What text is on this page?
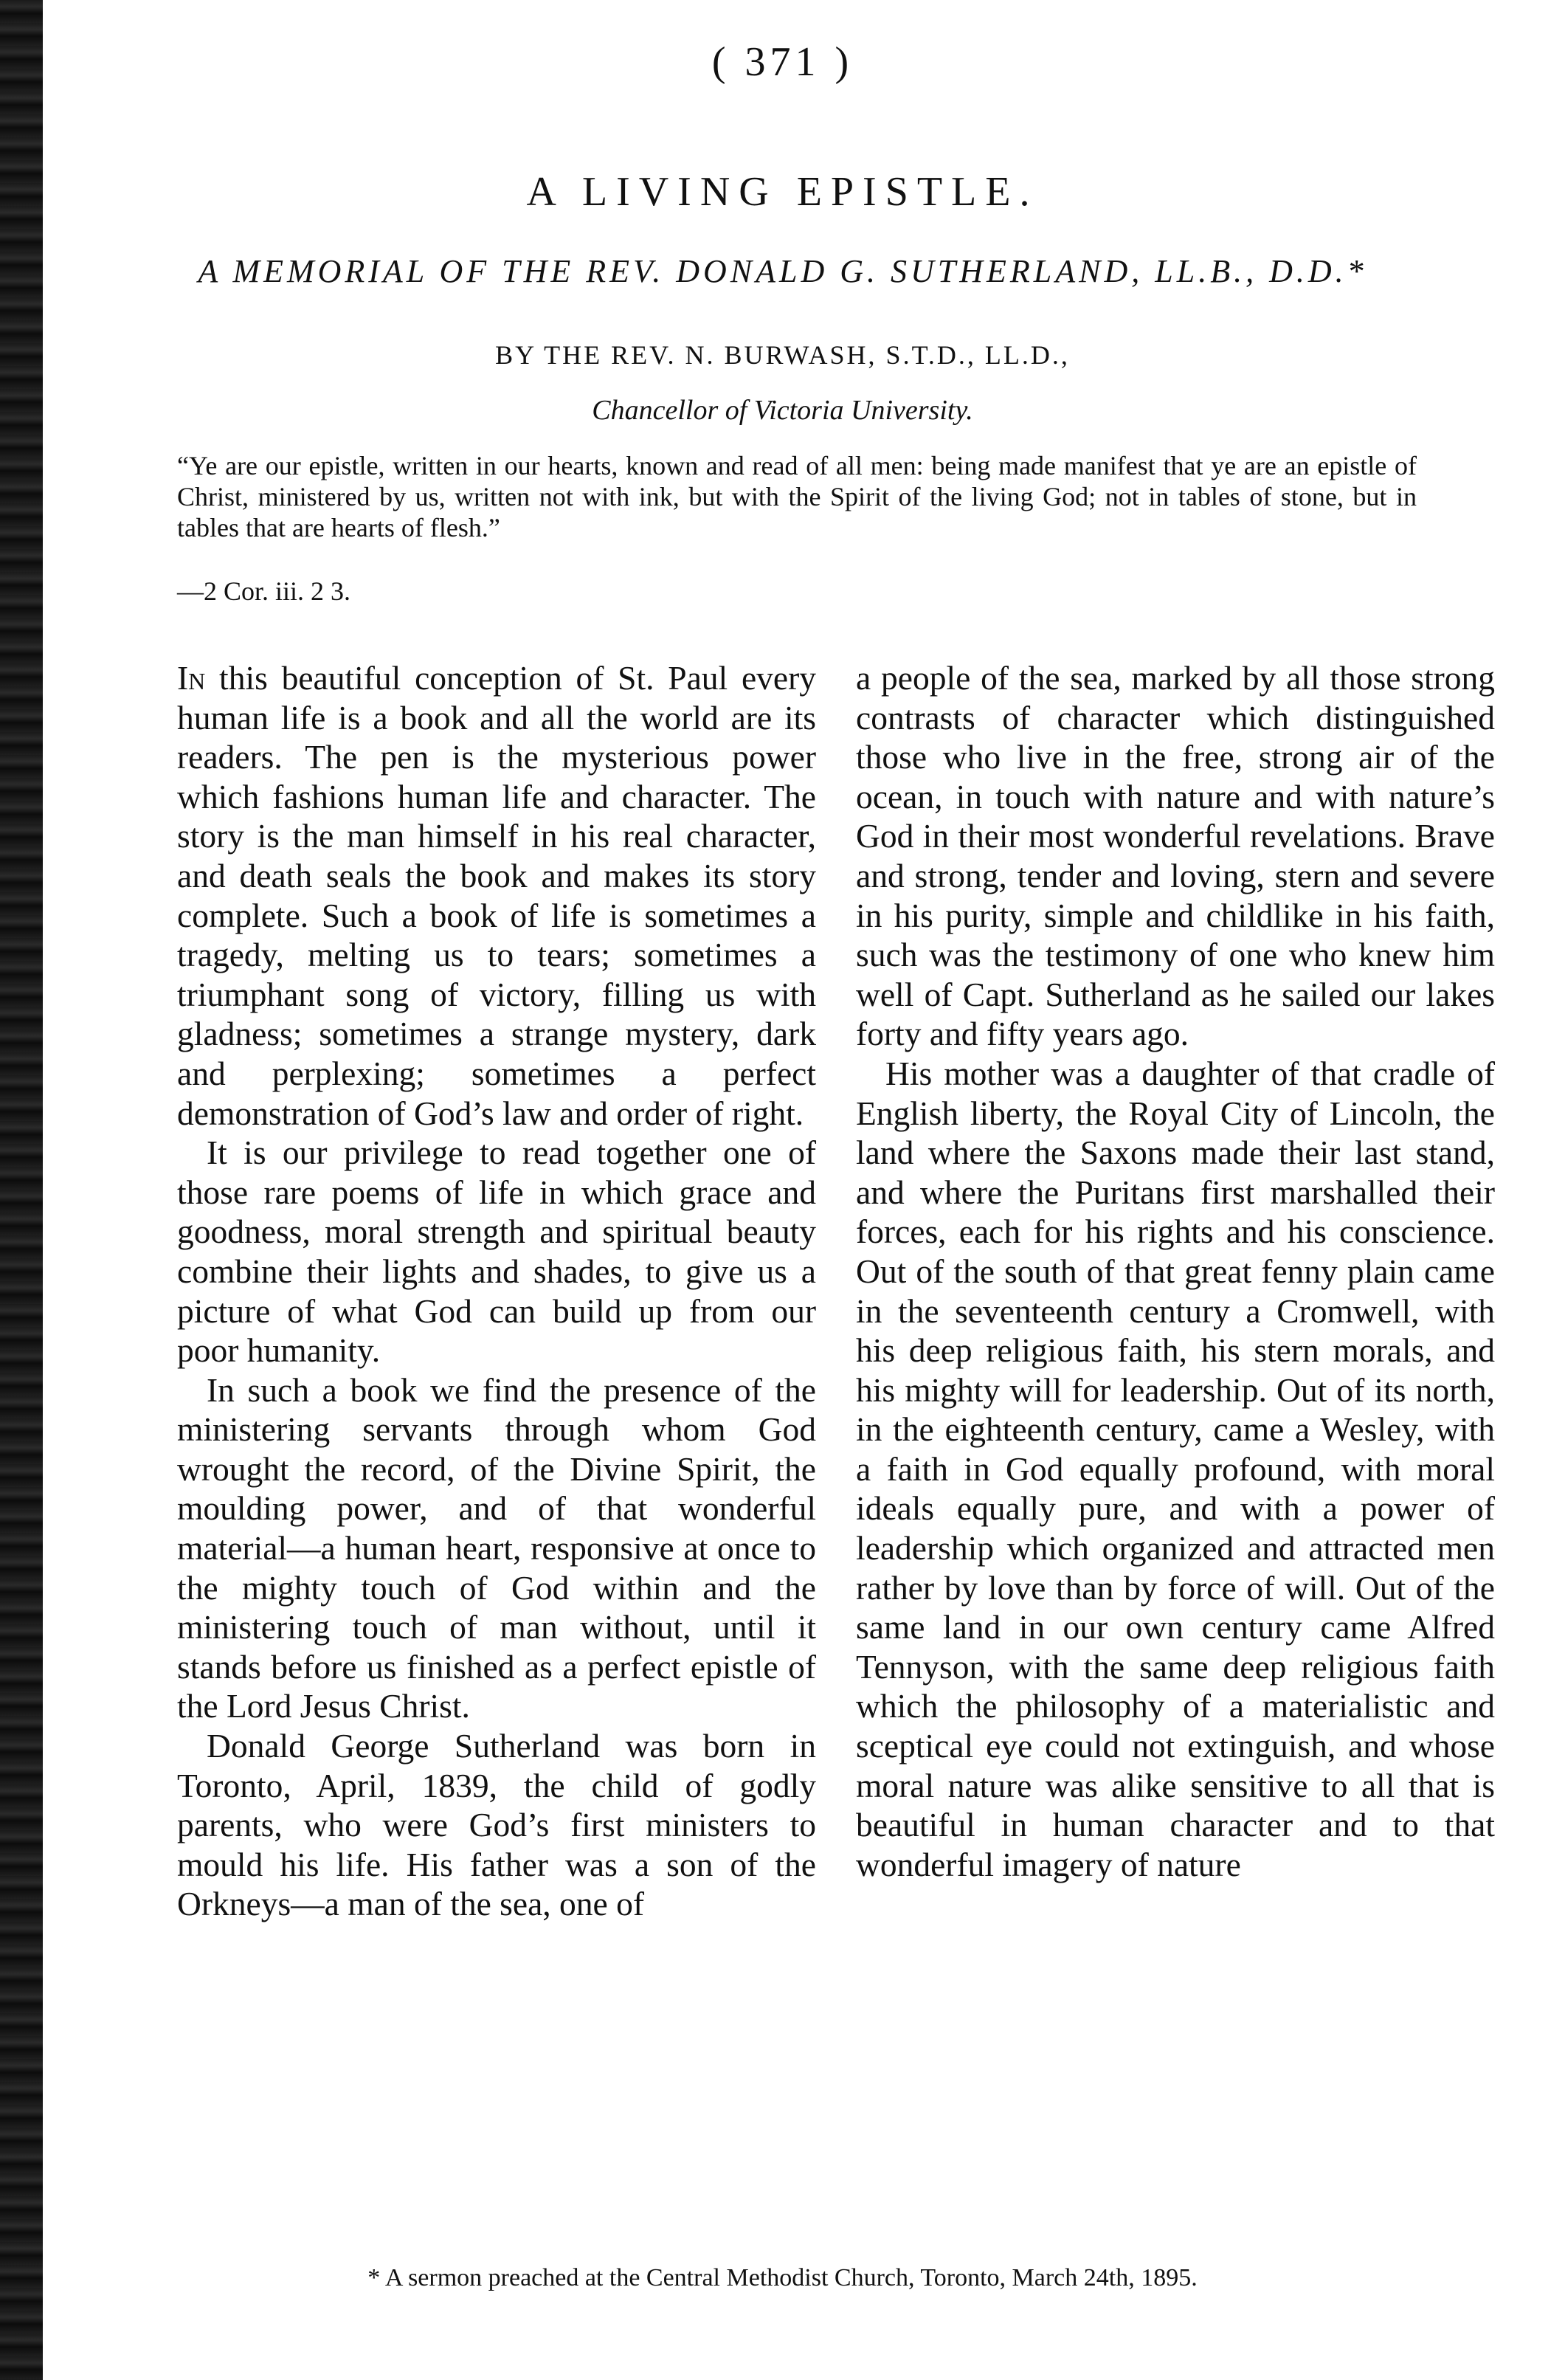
( 371 )
A LIVING EPISTLE.
A MEMORIAL OF THE REV. DONALD G. SUTHERLAND, LL.B., D.D.*
BY THE REV. N. BURWASH, S.T.D., LL.D.,
Chancellor of Victoria University.
“Ye are our epistle, written in our hearts, known and read of all men: being made manifest that ye are an epistle of Christ, ministered by us, written not with ink, but with the Spirit of the living God; not in tables of stone, but in tables that are hearts of flesh.”
—2 Cor. iii. 2 3.

In this beautiful conception of St. Paul every human life is a book and all the world are its readers. The pen is the mysterious power which fashions human life and character. The story is the man himself in his real character, and death seals the book and makes its story complete. Such a book of life is sometimes a tragedy, melting us to tears; sometimes a triumphant song of victory, filling us with gladness; sometimes a strange mystery, dark and perplexing; sometimes a perfect demonstration of God’s law and order of right.

It is our privilege to read together one of those rare poems of life in which grace and goodness, moral strength and spiritual beauty combine their lights and shades, to give us a picture of what God can build up from our poor humanity.

In such a book we find the presence of the ministering servants through whom God wrought the record, of the Divine Spirit, the moulding power, and of that wonderful material—a human heart, responsive at once to the mighty touch of God within and the ministering touch of man without, until it stands before us finished as a perfect epistle of the Lord Jesus Christ.

Donald George Sutherland was born in Toronto, April, 1839, the child of godly parents, who were God’s first ministers to mould his life. His father was a son of the Orkneys—a man of the sea, one of

a people of the sea, marked by all those strong contrasts of character which distinguished those who live in the free, strong air of the ocean, in touch with nature and with nature’s God in their most wonderful revelations. Brave and strong, tender and loving, stern and severe in his purity, simple and childlike in his faith, such was the testimony of one who knew him well of Capt. Sutherland as he sailed our lakes forty and fifty years ago.

His mother was a daughter of that cradle of English liberty, the Royal City of Lincoln, the land where the Saxons made their last stand, and where the Puritans first marshalled their forces, each for his rights and his conscience. Out of the south of that great fenny plain came in the seventeenth century a Cromwell, with his deep religious faith, his stern morals, and his mighty will for leadership. Out of its north, in the eighteenth century, came a Wesley, with a faith in God equally profound, with moral ideals equally pure, and with a power of leadership which organized and attracted men rather by love than by force of will. Out of the same land in our own century came Alfred Tennyson, with the same deep religious faith which the philosophy of a materialistic and sceptical eye could not extinguish, and whose moral nature was alike sensitive to all that is beautiful in human character and to that wonderful imagery of nature

* A sermon preached at the Central Methodist Church, Toronto, March 24th, 1895.
